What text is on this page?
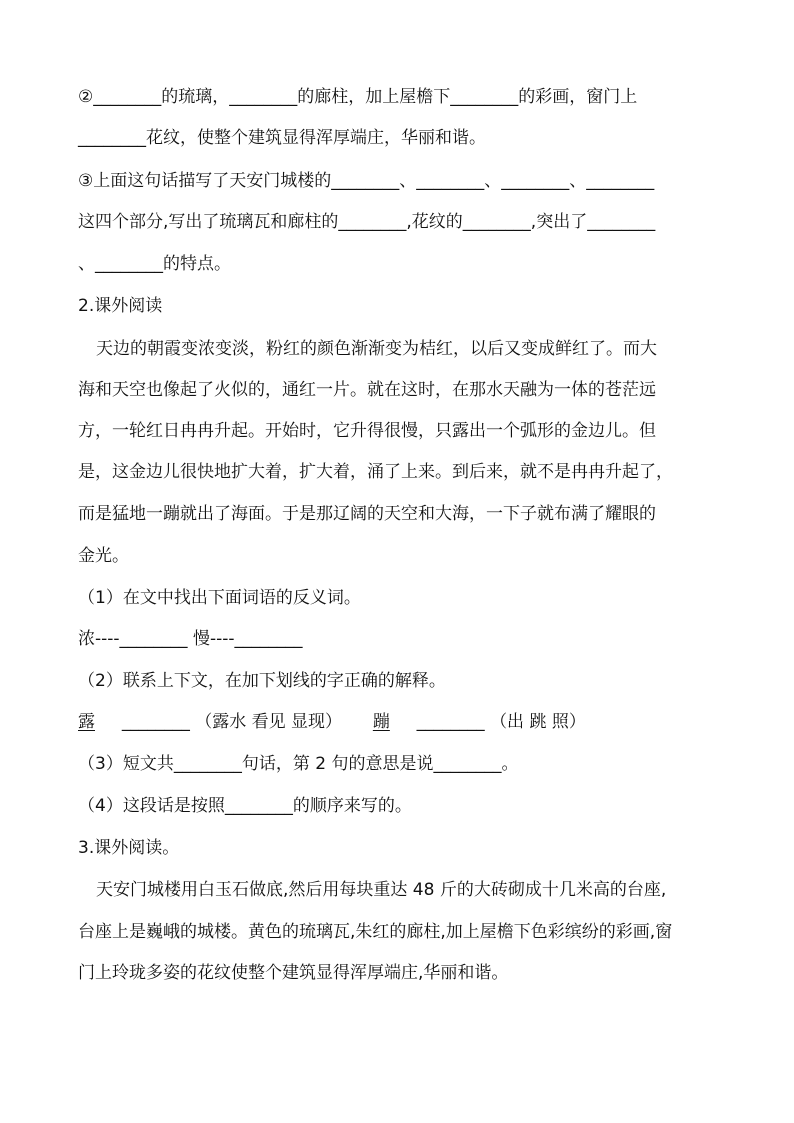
②________的琉璃，________的廊柱，加上屋檐下________的彩画，窗门上
________花纹，使整个建筑显得浑厚端庄，华丽和谐。
③上面这句话描写了天安门城楼的________、________、________、________
这四个部分,写出了琉璃瓦和廊柱的________,花纹的________,突出了________
、________的特点。
2.课外阅读
天边的朝霞变浓变淡，粉红的颜色渐渐变为桔红，以后又变成鲜红了。而大
海和天空也像起了火似的，通红一片。就在这时，在那水天融为一体的苍茫远
方，一轮红日冉冉升起。开始时，它升得很慢，只露出一个弧形的金边儿。但
是，这金边儿很快地扩大着，扩大着，涌了上来。到后来，就不是冉冉升起了，
而是猛地一蹦就出了海面。于是那辽阔的天空和大海，一下子就布满了耀眼的
金光。
（1）在文中找出下面词语的反义词。
浓----________ 慢----________
（2）联系上下文，在加下划线的字正确的解释。
露 ________ （露水 看见 显现） 蹦 ________ （出 跳 照）
（3）短文共________句话，第 2 句的意思是说________。
（4）这段话是按照________的顺序来写的。
3.课外阅读。
天安门城楼用白玉石做底,然后用每块重达 48 斤的大砖砌成十几米高的台座,
台座上是巍峨的城楼。黄色的琉璃瓦,朱红的廊柱,加上屋檐下色彩缤纷的彩画,窗
门上玲珑多姿的花纹使整个建筑显得浑厚端庄,华丽和谐。
